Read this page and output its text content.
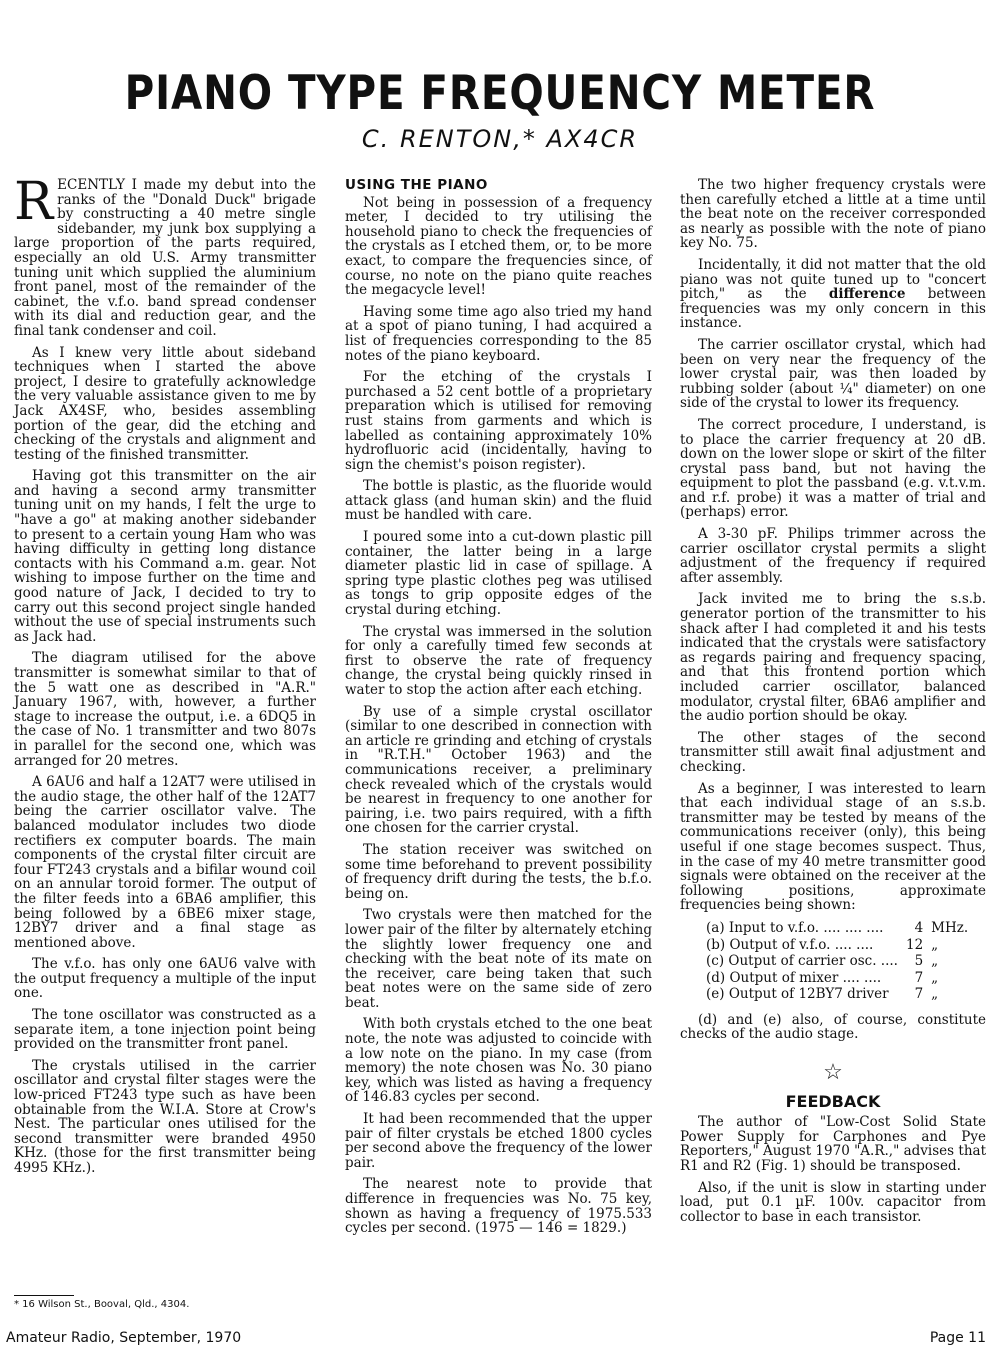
PIANO TYPE FREQUENCY METER
C. RENTON,* AX4CR

RECENTLY I made my debut into the ranks of the "Donald Duck" brigade by constructing a 40 metre single sidebander, my junk box supplying a large proportion of the parts required, especially an old U.S. Army transmitter tuning unit which supplied the aluminium front panel, most of the remainder of the cabinet, the v.f.o. band spread condenser with its dial and reduction gear, and the final tank condenser and coil.

As I knew very little about sideband techniques when I started the above project, I desire to gratefully acknowledge the very valuable assistance given to me by Jack AX4SF, who, besides assembling portion of the gear, did the etching and checking of the crystals and alignment and testing of the finished transmitter.

Having got this transmitter on the air and having a second army transmitter tuning unit on my hands, I felt the urge to "have a go" at making another sidebander to present to a certain young Ham who was having difficulty in getting long distance contacts with his Command a.m. gear. Not wishing to impose further on the time and good nature of Jack, I decided to try to carry out this second project single handed without the use of special instruments such as Jack had.

The diagram utilised for the above transmitter is somewhat similar to that of the 5 watt one as described in "A.R." January 1967, with, however, a further stage to increase the output, i.e. a 6DQ5 in the case of No. 1 transmitter and two 807s in parallel for the second one, which was arranged for 20 metres.

A 6AU6 and half a 12AT7 were utilised in the audio stage, the other half of the 12AT7 being the carrier oscillator valve. The balanced modulator includes two diode rectifiers ex computer boards. The main components of the crystal filter circuit are four FT243 crystals and a bifilar wound coil on an annular toroid former. The output of the filter feeds into a 6BA6 amplifier, this being followed by a 6BE6 mixer stage, 12BY7 driver and a final stage as mentioned above.

The v.f.o. has only one 6AU6 valve with the output frequency a multiple of the input one.

The tone oscillator was constructed as a separate item, a tone injection point being provided on the transmitter front panel.

The crystals utilised in the carrier oscillator and crystal filter stages were the low-priced FT243 type such as have been obtainable from the W.I.A. Store at Crow's Nest. The particular ones utilised for the second transmitter were branded 4950 KHz. (those for the first transmitter being 4995 KHz.).

* 16 Wilson St., Booval, Qld., 4304.
USING THE PIANO

Not being in possession of a frequency meter, I decided to try utilising the household piano to check the frequencies of the crystals as I etched them, or, to be more exact, to compare the frequencies since, of course, no note on the piano quite reaches the megacycle level!

Having some time ago also tried my hand at a spot of piano tuning, I had acquired a list of frequencies corresponding to the 85 notes of the piano keyboard.

For the etching of the crystals I purchased a 52 cent bottle of a proprietary preparation which is utilised for removing rust stains from garments and which is labelled as containing approximately 10% hydrofluoric acid (incidentally, having to sign the chemist's poison register).

The bottle is plastic, as the fluoride would attack glass (and human skin) and the fluid must be handled with care.

I poured some into a cut-down plastic pill container, the latter being in a large diameter plastic lid in case of spillage. A spring type plastic clothes peg was utilised as tongs to grip opposite edges of the crystal during etching.

The crystal was immersed in the solution for only a carefully timed few seconds at first to observe the rate of frequency change, the crystal being quickly rinsed in water to stop the action after each etching.

By use of a simple crystal oscillator (similar to one described in connection with an article re grinding and etching of crystals in "R.T.H." October 1963) and the communications receiver, a preliminary check revealed which of the crystals would be nearest in frequency to one another for pairing, i.e. two pairs required, with a fifth one chosen for the carrier crystal.

The station receiver was switched on some time beforehand to prevent possibility of frequency drift during the tests, the b.f.o. being on.

Two crystals were then matched for the lower pair of the filter by alternately etching the slightly lower frequency one and checking with the beat note of its mate on the receiver, care being taken that such beat notes were on the same side of zero beat.

With both crystals etched to the one beat note, the note was adjusted to coincide with a low note on the piano. In my case (from memory) the note chosen was No. 30 piano key, which was listed as having a frequency of 146.83 cycles per second.

It had been recommended that the upper pair of filter crystals be etched 1800 cycles per second above the frequency of the lower pair.

The nearest note to provide that difference in frequencies was No. 75 key, shown as having a frequency of 1975.533 cycles per second. (1975 — 146 = 1829.)

The two higher frequency crystals were then carefully etched a little at a time until the beat note on the receiver corresponded as nearly as possible with the note of piano key No. 75.

Incidentally, it did not matter that the old piano was not quite tuned up to "concert pitch," as the difference between frequencies was my only concern in this instance.

The carrier oscillator crystal, which had been on very near the frequency of the lower crystal pair, was then loaded by rubbing solder (about ¼" diameter) on one side of the crystal to lower its frequency.

The correct procedure, I understand, is to place the carrier frequency at 20 dB. down on the lower slope or skirt of the filter crystal pass band, but not having the equipment to plot the passband (e.g. v.t.v.m. and r.f. probe) it was a matter of trial and (perhaps) error.

A 3-30 pF. Philips trimmer across the carrier oscillator crystal permits a slight adjustment of the frequency if required after assembly.

Jack invited me to bring the s.s.b. generator portion of the transmitter to his shack after I had completed it and his tests indicated that the crystals were satisfactory as regards pairing and frequency spacing, and that this frontend portion which included carrier oscillator, balanced modulator, crystal filter, 6BA6 amplifier and the audio portion should be okay.

The other stages of the second transmitter still await final adjustment and checking.

As a beginner, I was interested to learn that each individual stage of an s.s.b. transmitter may be tested by means of the communications receiver (only), this being useful if one stage becomes suspect. Thus, in the case of my 40 metre transmitter good signals were obtained on the receiver at the following positions, approximate frequencies being shown:

(a) Input to v.f.o. .... .... ....	4	MHz.
(b) Output of v.f.o. .... ....	12	„
(c) Output of carrier osc. ....	5	„
(d) Output of mixer .... ....	7	„
(e) Output of 12BY7 driver	7	„

(d) and (e) also, of course, constitute checks of the audio stage.

☆
FEEDBACK

The author of "Low-Cost Solid State Power Supply for Carphones and Pye Reporters," August 1970 "A.R.," advises that R1 and R2 (Fig. 1) should be transposed.

Also, if the unit is slow in starting under load, put 0.1 µF. 100v. capacitor from collector to base in each transistor.

Amateur Radio, September, 1970	Page 11
